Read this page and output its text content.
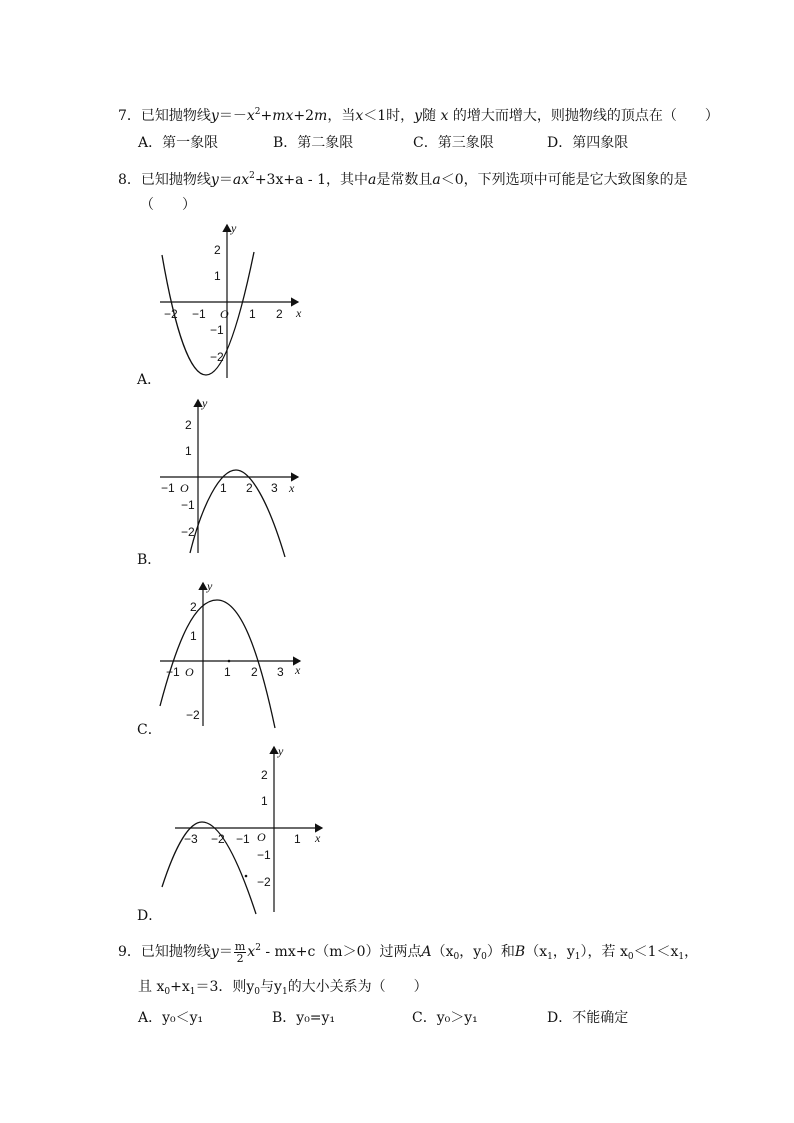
7．已知抛物线$y=-x^2+mx+2m$，当x＜1时，y随 x 的增大而增大，则抛物线的顶点在（　　）
A．第一象限	B．第二象限	C．第三象限	D．第四象限
8．已知抛物线$y=ax^2+3x+a - 1$，其中a是常数且a＜0，下列选项中可能是它大致图象的是
（　　）
x
y
O
−2 −1	1 2
2
1
−1
−2
A．
x
y
O
−1	1 2 3
2
1
−1
−2
B．
x
y
O
−1	1 2 3
2
1
−2
C．
x
y
O
−3 −2 −1	1
2
1
−1
−2
D．
9．已知抛物线$y= \frac{m}{2} x^2 - mx+c(m>0)$过两点$A(x_0$，$y_0$）和$B(x_1$，$y_1$），若 $x_0<1<x_1$，
且 $x_0+x_1=3$．则$y_0$与$y_1$的大小关系为（　　）
A．y₀＜y₁	B．y₀=y₁	C．y₀＞y₁	D．不能确定
